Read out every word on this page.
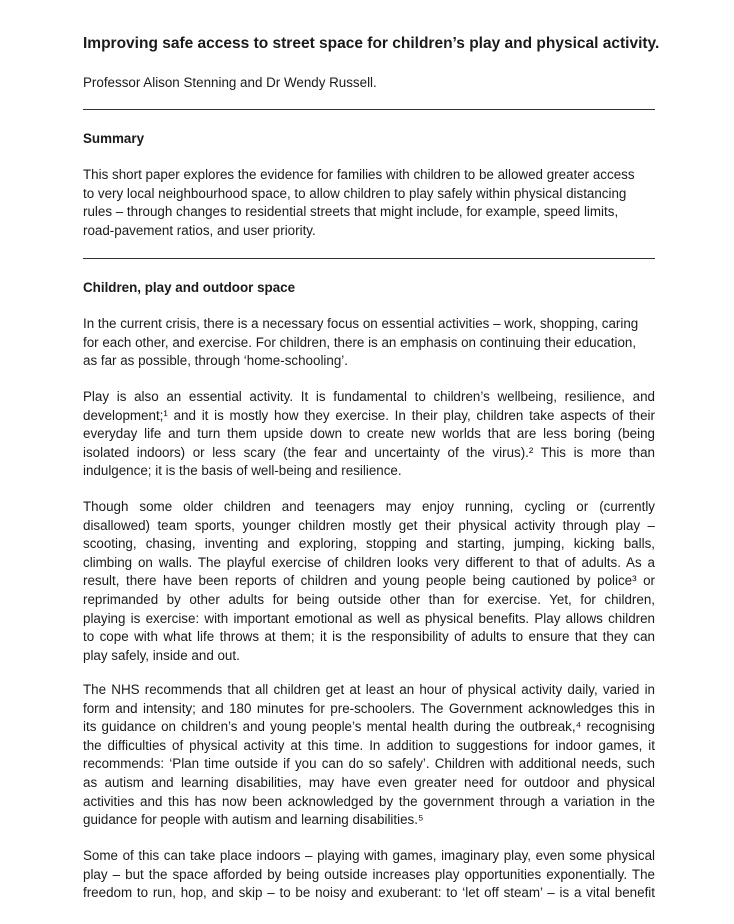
Improving safe access to street space for children’s play and physical activity.
Professor Alison Stenning and Dr Wendy Russell.
Summary
This short paper explores the evidence for families with children to be allowed greater access
to very local neighbourhood space, to allow children to play safely within physical distancing
rules – through changes to residential streets that might include, for example, speed limits,
road-pavement ratios, and user priority.
Children, play and outdoor space
In the current crisis, there is a necessary focus on essential activities – work, shopping, caring
for each other, and exercise. For children, there is an emphasis on continuing their education,
as far as possible, through ‘home-schooling’.
Play is also an essential activity. It is fundamental to children’s wellbeing, resilience, and
development;¹ and it is mostly how they exercise. In their play, children take aspects of their
everyday life and turn them upside down to create new worlds that are less boring (being
isolated indoors) or less scary (the fear and uncertainty of the virus).² This is more than
indulgence; it is the basis of well-being and resilience.
Though some older children and teenagers may enjoy running, cycling or (currently
disallowed) team sports, younger children mostly get their physical activity through play –
scooting, chasing, inventing and exploring, stopping and starting, jumping, kicking balls,
climbing on walls. The playful exercise of children looks very different to that of adults. As a
result, there have been reports of children and young people being cautioned by police³ or
reprimanded by other adults for being outside other than for exercise. Yet, for children,
playing is exercise: with important emotional as well as physical benefits. Play allows children
to cope with what life throws at them; it is the responsibility of adults to ensure that they can
play safely, inside and out.
The NHS recommends that all children get at least an hour of physical activity daily, varied in
form and intensity; and 180 minutes for pre-schoolers. The Government acknowledges this in
its guidance on children’s and young people’s mental health during the outbreak,⁴ recognising
the difficulties of physical activity at this time. In addition to suggestions for indoor games, it
recommends: ‘Plan time outside if you can do so safely’. Children with additional needs, such
as autism and learning disabilities, may have even greater need for outdoor and physical
activities and this has now been acknowledged by the government through a variation in the
guidance for people with autism and learning disabilities.⁵
Some of this can take place indoors – playing with games, imaginary play, even some physical
play – but the space afforded by being outside increases play opportunities exponentially. The
freedom to run, hop, and skip – to be noisy and exuberant: to ‘let off steam’ – is a vital benefit
